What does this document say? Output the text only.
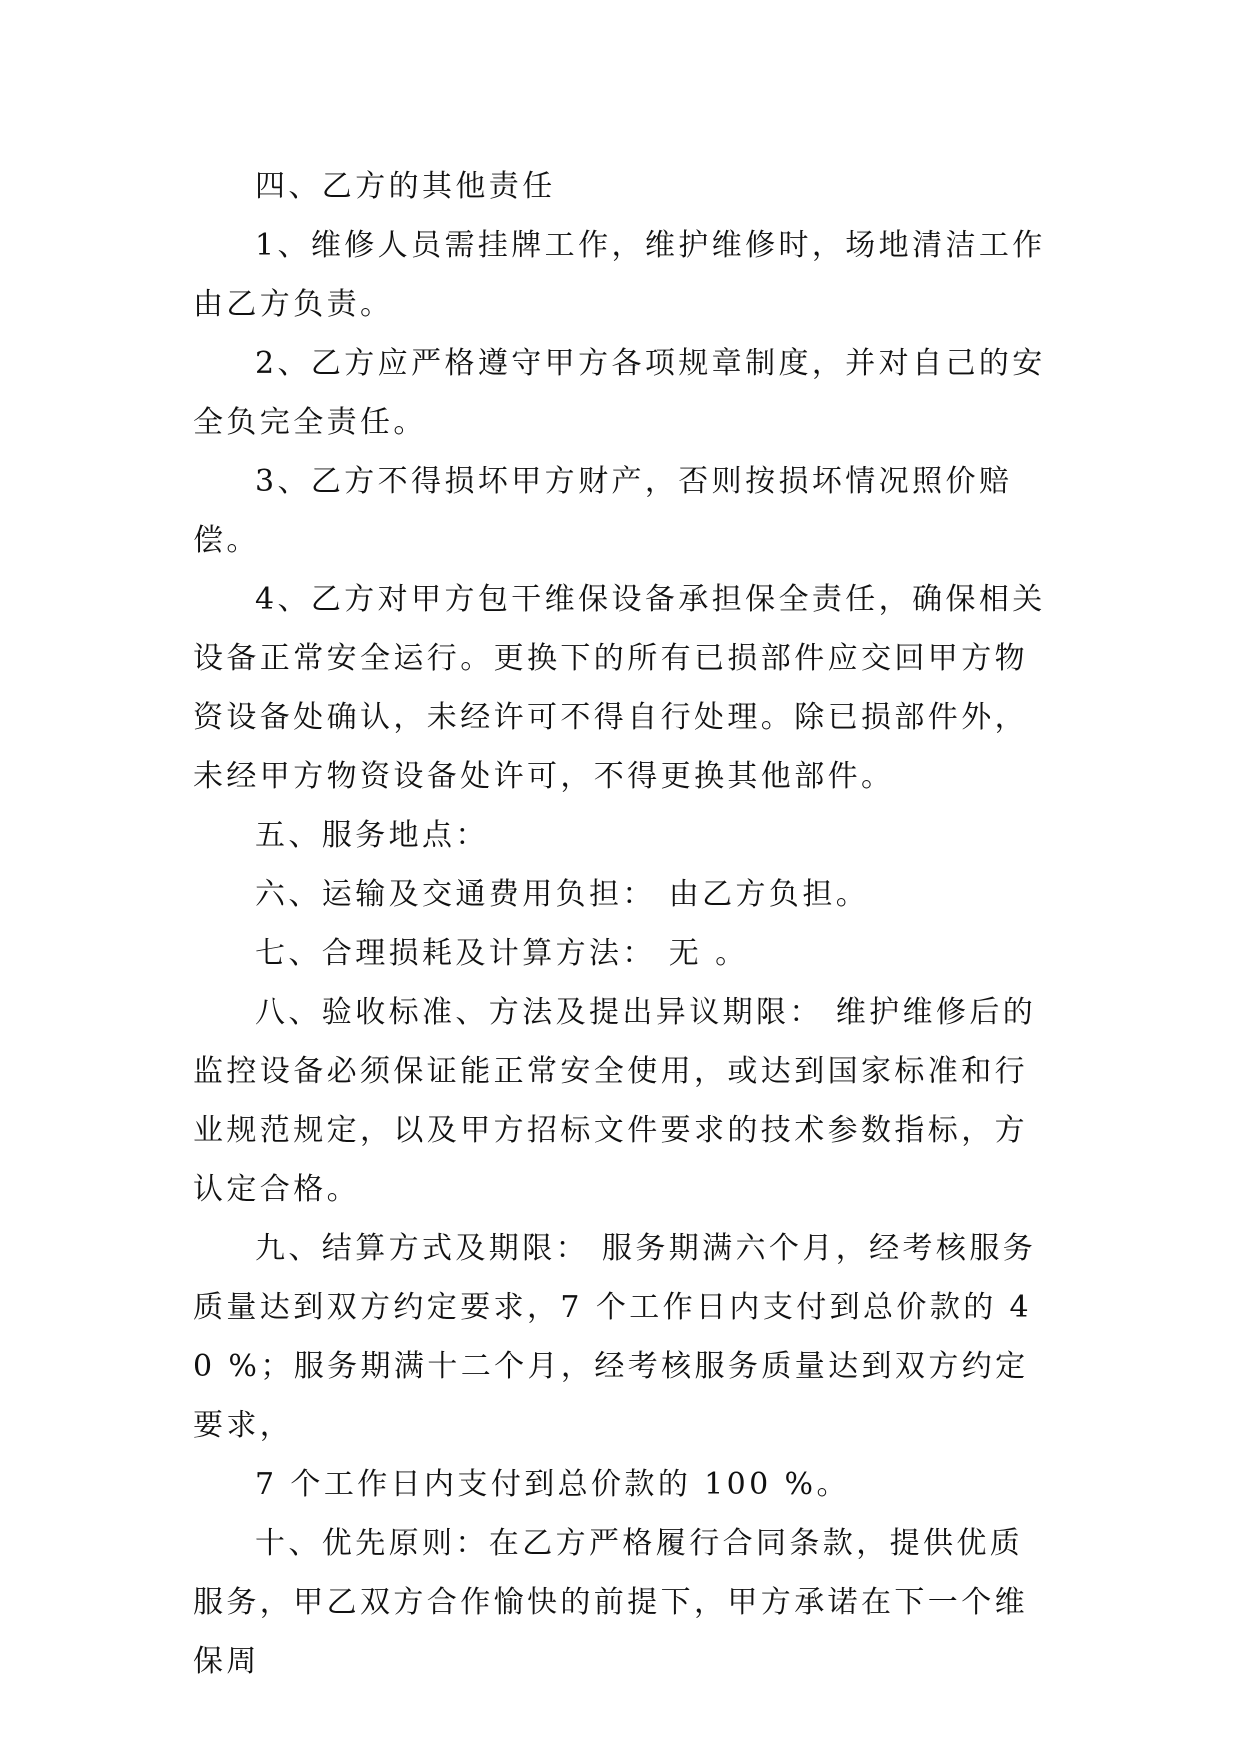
四、乙方的其他责任

1、维修人员需挂牌工作，维护维修时，场地清洁工作由乙方负责。

2、乙方应严格遵守甲方各项规章制度，并对自己的安全负完全责任。

3、乙方不得损坏甲方财产，否则按损坏情况照价赔偿。

4、乙方对甲方包干维保设备承担保全责任，确保相关设备正常安全运行。更换下的所有已损部件应交回甲方物资设备处确认，未经许可不得自行处理。除已损部件外，未经甲方物资设备处许可，不得更换其他部件。

五、服务地点：

六、运输及交通费用负担： 由乙方负担。

七、合理损耗及计算方法： 无 。

八、验收标准、方法及提出异议期限： 维护维修后的监控设备必须保证能正常安全使用，或达到国家标准和行业规范规定，以及甲方招标文件要求的技术参数指标，方认定合格。

九、结算方式及期限： 服务期满六个月，经考核服务质量达到双方约定要求，7 个工作日内支付到总价款的 40 %；服务期满十二个月，经考核服务质量达到双方约定要求，

7 个工作日内支付到总价款的 100 %。

十、优先原则：在乙方严格履行合同条款，提供优质服务，甲乙双方合作愉快的前提下，甲方承诺在下一个维保周
